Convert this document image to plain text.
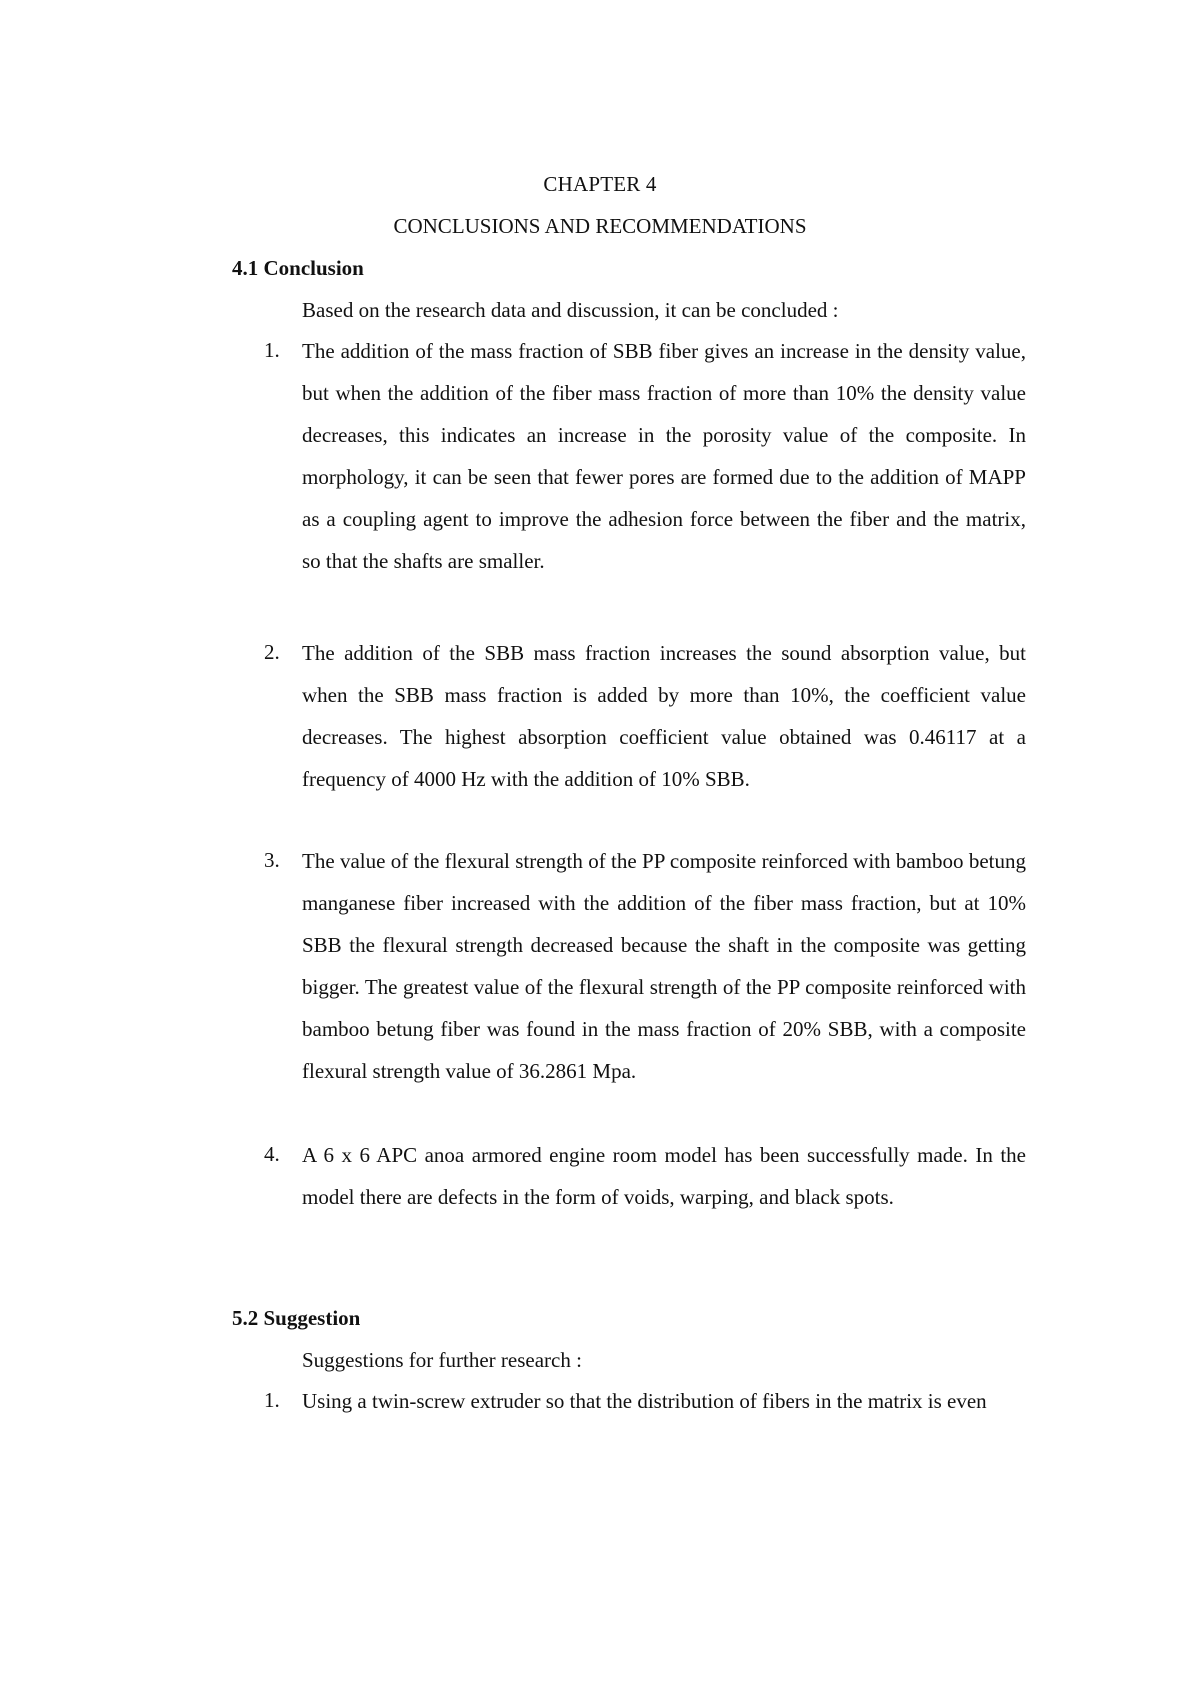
CHAPTER 4
CONCLUSIONS AND RECOMMENDATIONS
4.1 Conclusion
Based on the research data and discussion, it can be concluded :
1. The addition of the mass fraction of SBB fiber gives an increase in the density value, but when the addition of the fiber mass fraction of more than 10% the density value decreases, this indicates an increase in the porosity value of the composite. In morphology, it can be seen that fewer pores are formed due to the addition of MAPP as a coupling agent to improve the adhesion force between the fiber and the matrix, so that the shafts are smaller.
2. The addition of the SBB mass fraction increases the sound absorption value, but when the SBB mass fraction is added by more than 10%, the coefficient value decreases. The highest absorption coefficient value obtained was 0.46117 at a frequency of 4000 Hz with the addition of 10% SBB.
3. The value of the flexural strength of the PP composite reinforced with bamboo betung manganese fiber increased with the addition of the fiber mass fraction, but at 10% SBB the flexural strength decreased because the shaft in the composite was getting bigger. The greatest value of the flexural strength of the PP composite reinforced with bamboo betung fiber was found in the mass fraction of 20% SBB, with a composite flexural strength value of 36.2861 Mpa.
4. A 6 x 6 APC anoa armored engine room model has been successfully made. In the model there are defects in the form of voids, warping, and black spots.
5.2 Suggestion
Suggestions for further research :
1. Using a twin-screw extruder so that the distribution of fibers in the matrix is even
